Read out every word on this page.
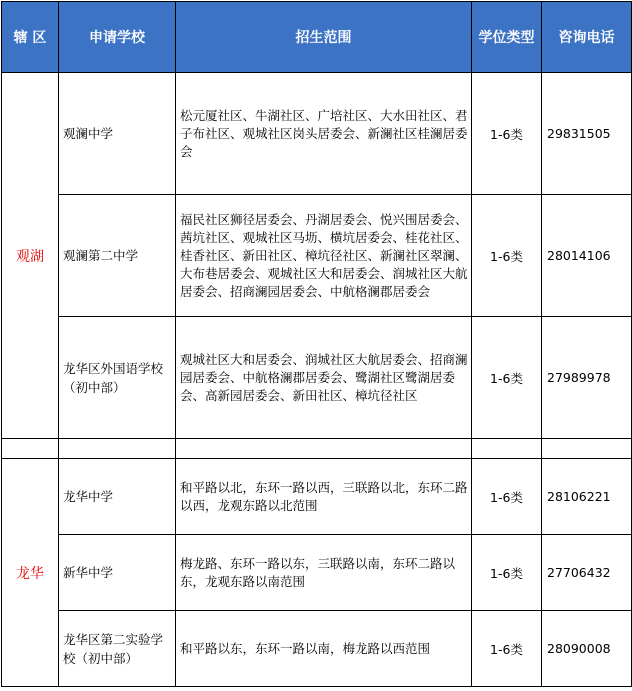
辖 区	申请学校	招生范围	学位类型	咨询电话
观湖	观澜中学	松元厦社区、牛湖社区、广培社区、大水田社区、君子布社区、观城社区岗头居委会、新澜社区桂澜居委会	1-6类	29831505
	观澜第二中学	福民社区狮径居委会、丹湖居委会、悦兴围居委会、茜坑社区、观城社区马坜、横坑居委会、桂花社区、桂香社区、新田社区、樟坑径社区、新澜社区翠澜、大布巷居委会、观城社区大和居委会、润城社区大航居委会、招商澜园居委会、中航格澜郡居委会	1-6类	28014106
	龙华区外国语学校（初中部）	观城社区大和居委会、润城社区大航居委会、招商澜园居委会、中航格澜郡居委会、鹭湖社区鹭湖居委会、高新园居委会、新田社区、樟坑径社区	1-6类	27989978

龙华	龙华中学	和平路以北，东环一路以西，三联路以北，东环二路以西，龙观东路以北范围	1-6类	28106221
	新华中学	梅龙路、东环一路以东，三联路以南，东环二路以东，龙观东路以南范围	1-6类	27706432
	龙华区第二实验学校（初中部）	和平路以东，东环一路以南，梅龙路以西范围	1-6类	28090008
